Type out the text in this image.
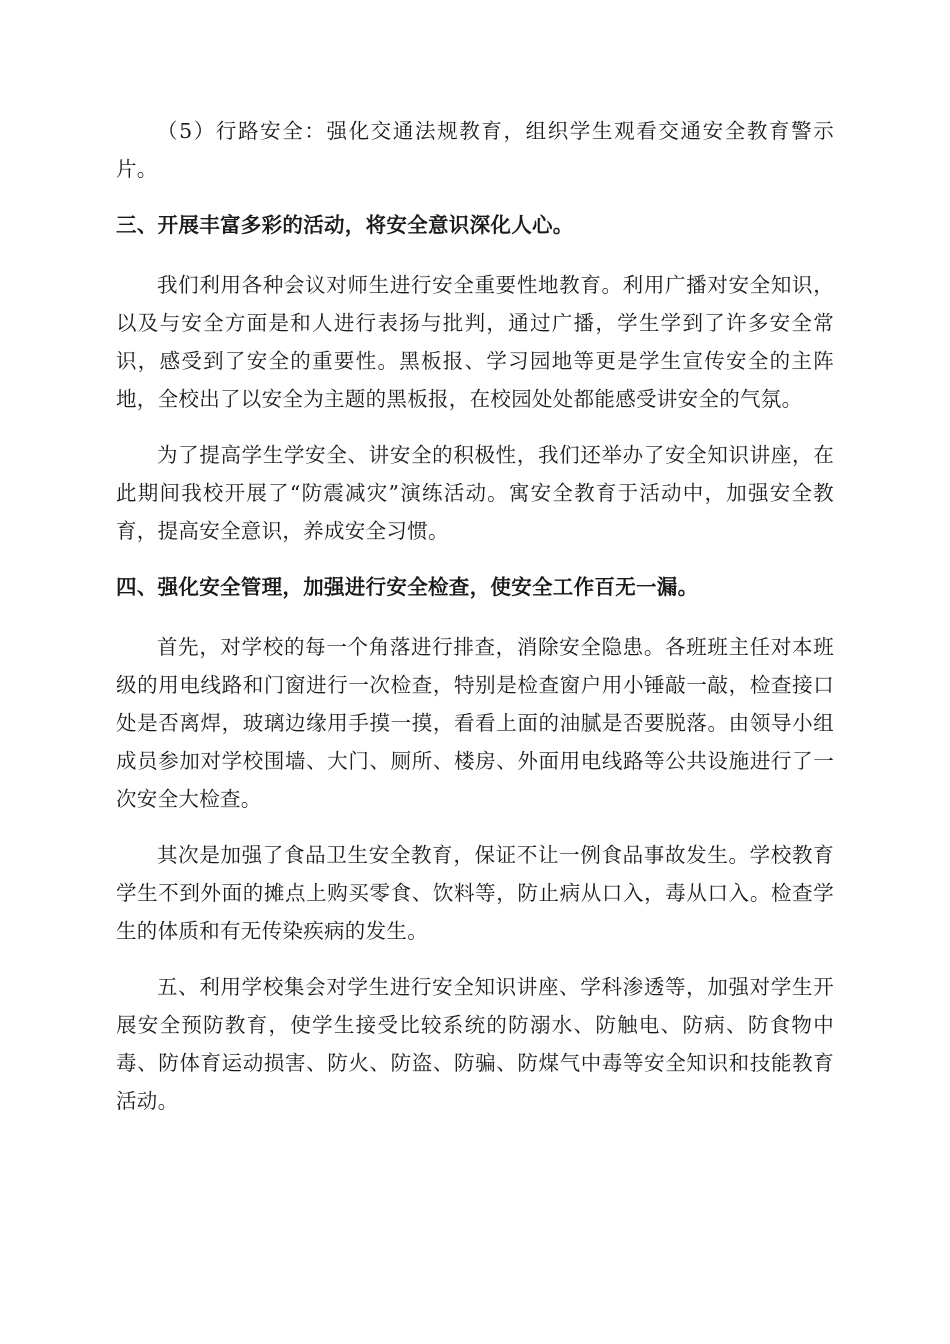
（5）行路安全：强化交通法规教育，组织学生观看交通安全教育警示片。

三、开展丰富多彩的活动，将安全意识深化人心。

我们利用各种会议对师生进行安全重要性地教育。利用广播对安全知识，以及与安全方面是和人进行表扬与批判，通过广播，学生学到了许多安全常识，感受到了安全的重要性。黑板报、学习园地等更是学生宣传安全的主阵地，全校出了以安全为主题的黑板报，在校园处处都能感受讲安全的气氛。

为了提高学生学安全、讲安全的积极性，我们还举办了安全知识讲座，在此期间我校开展了“防震减灾”演练活动。寓安全教育于活动中，加强安全教育，提高安全意识，养成安全习惯。

四、强化安全管理，加强进行安全检查，使安全工作百无一漏。

首先，对学校的每一个角落进行排查，消除安全隐患。各班班主任对本班级的用电线路和门窗进行一次检查，特别是检查窗户用小锤敲一敲，检查接口处是否离焊，玻璃边缘用手摸一摸，看看上面的油腻是否要脱落。由领导小组成员参加对学校围墙、大门、厕所、楼房、外面用电线路等公共设施进行了一次安全大检查。

其次是加强了食品卫生安全教育，保证不让一例食品事故发生。学校教育学生不到外面的摊点上购买零食、饮料等，防止病从口入，毒从口入。检查学生的体质和有无传染疾病的发生。

五、利用学校集会对学生进行安全知识讲座、学科渗透等，加强对学生开展安全预防教育，使学生接受比较系统的防溺水、防触电、防病、防食物中毒、防体育运动损害、防火、防盗、防骗、防煤气中毒等安全知识和技能教育活动。
